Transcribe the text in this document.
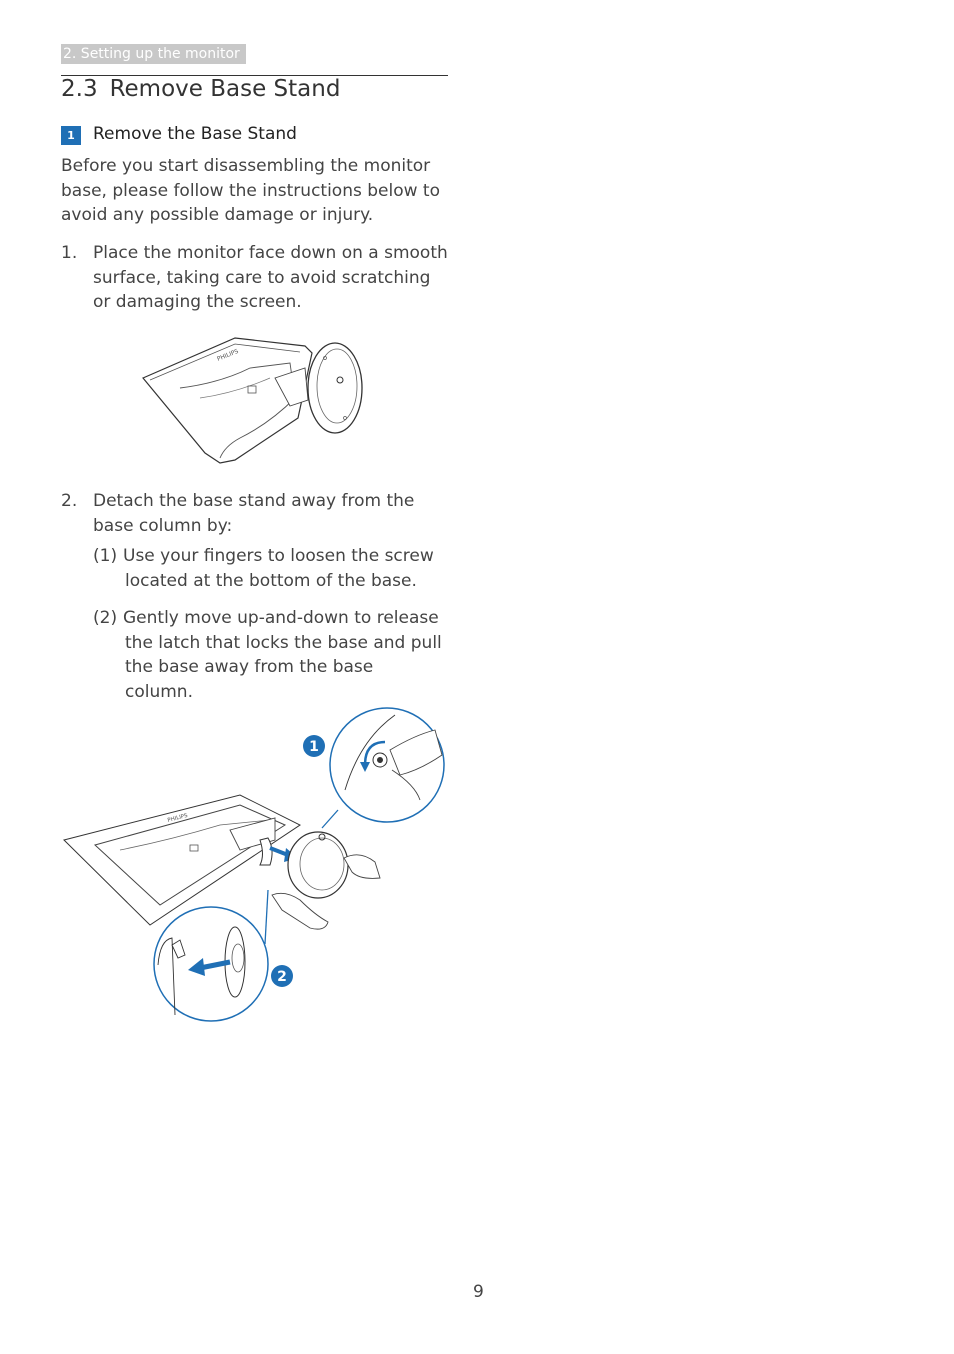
2. Setting up the monitor
2.3 Remove Base Stand
1	Remove the Base Stand
Before you start disassembling the monitor base, please follow the instructions below to avoid any possible damage or injury.
1. Place the monitor face down on a smooth surface, taking care to avoid scratching or damaging the screen.
PHILIPS
2. Detach the base stand away from the base column by:
(1) Use your fingers to loosen the screw
located at the bottom of the base.
(2) Gently move up-and-down to release
the latch that locks the base and pull the base away from the base column.
PHILIPS
1
2
9
